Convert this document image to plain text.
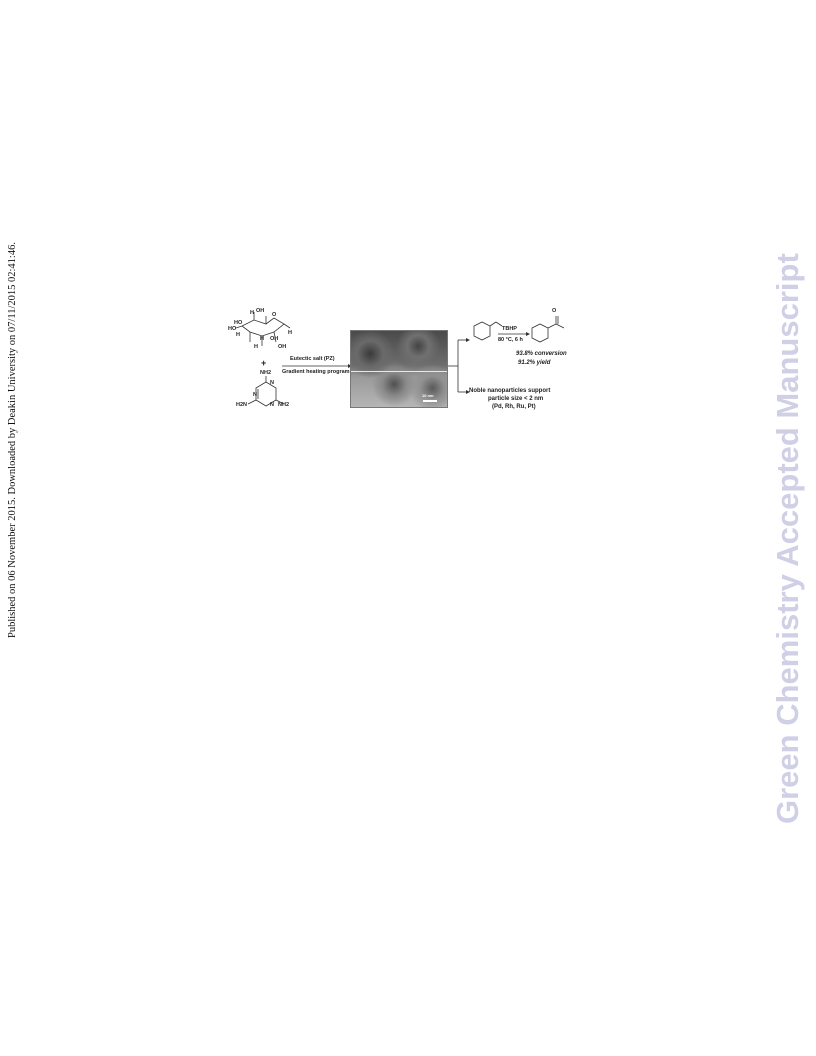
Published on 06 November 2015. Downloaded by Deakin University on 07/11/2015 02:41:46.	Green Chemistry Accepted Manuscript
OH
H	O
HO
HO
H
H OH
H
H	OH
+
NH2
H2N	NH2
N
N
N
Eutectic salt (PZ)
Gradient heating program
10 nm
TBHP
80 °C, 6 h
O
93.8% conversion
91.2% yield
Noble nanoparticles support
particle size < 2 nm
(Pd, Rh, Ru, Pt)
